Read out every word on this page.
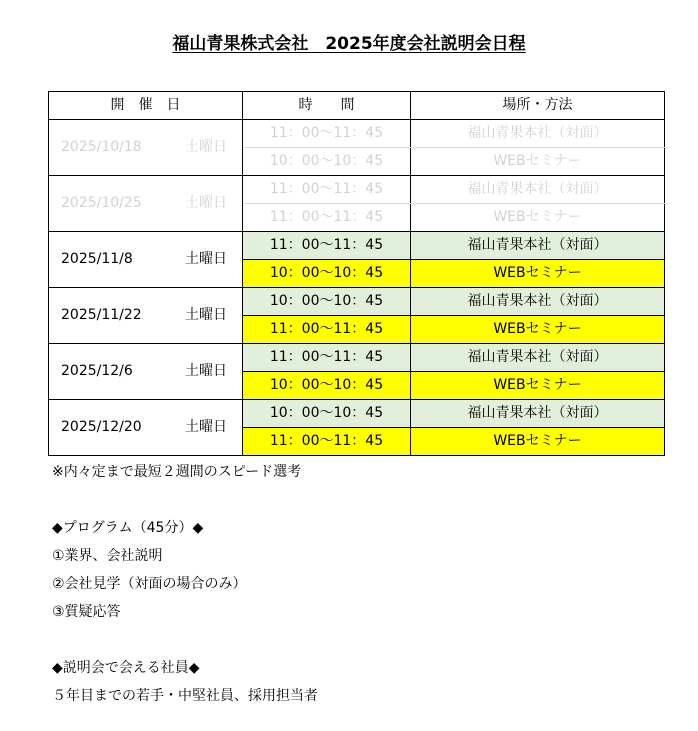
福山青果株式会社　2025年度会社説明会日程
開　催　日	時　　間	場所・方法
2025/10/18 土曜日	11：00〜11：45	福山青果本社（対面）
	10：00〜10：45	WEBセミナー
2025/10/25 土曜日	11：00〜11：45	福山青果本社（対面）
	11：00〜11：45	WEBセミナー
2025/11/8 土曜日	11：00〜11：45	福山青果本社（対面）
	10：00〜10：45	WEBセミナー
2025/11/22 土曜日	10：00〜10：45	福山青果本社（対面）
	11：00〜11：45	WEBセミナー
2025/12/6 土曜日	11：00〜11：45	福山青果本社（対面）
	10：00〜10：45	WEBセミナー
2025/12/20 土曜日	10：00〜10：45	福山青果本社（対面）
	11：00〜11：45	WEBセミナー
※内々定まで最短２週間のスピード選考
◆プログラム（45分）◆
①業界、会社説明
②会社見学（対面の場合のみ）
③質疑応答
◆説明会で会える社員◆
５年目までの若手・中堅社員、採用担当者
